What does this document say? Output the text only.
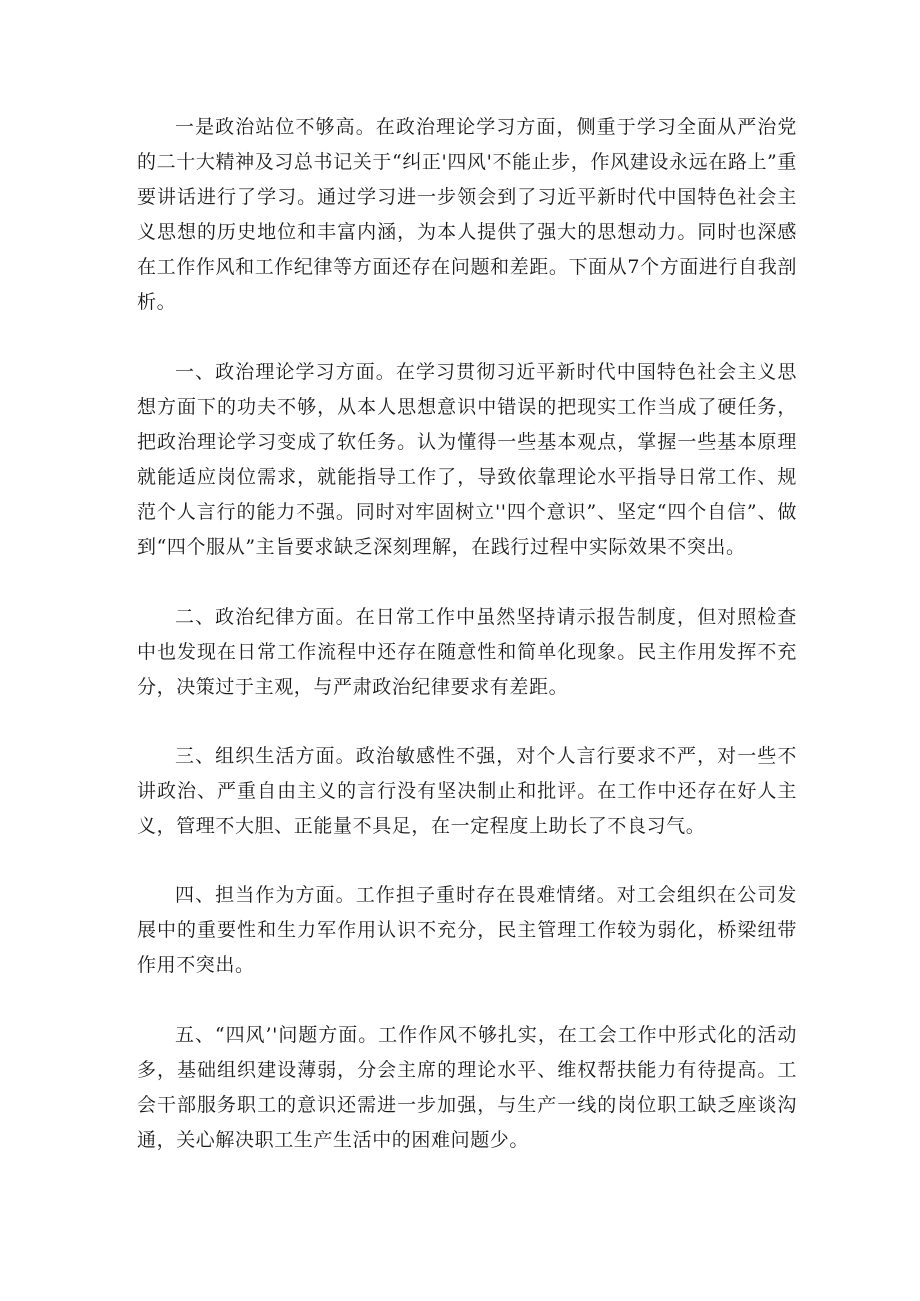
一是政治站位不够高。在政治理论学习方面，侧重于学习全面从严治党的二十大精神及习总书记关于“纠正'四风'不能止步，作风建设永远在路上”重要讲话进行了学习。通过学习进一步领会到了习近平新时代中国特色社会主义思想的历史地位和丰富内涵，为本人提供了强大的思想动力。同时也深感在工作作风和工作纪律等方面还存在问题和差距。下面从7个方面进行自我剖析。

一、政治理论学习方面。在学习贯彻习近平新时代中国特色社会主义思想方面下的功夫不够，从本人思想意识中错误的把现实工作当成了硬任务，把政治理论学习变成了软任务。认为懂得一些基本观点，掌握一些基本原理就能适应岗位需求，就能指导工作了，导致依靠理论水平指导日常工作、规范个人言行的能力不强。同时对牢固树立''四个意识”、坚定“四个自信”、做到“四个服从”主旨要求缺乏深刻理解，在践行过程中实际效果不突出。

二、政治纪律方面。在日常工作中虽然坚持请示报告制度，但对照检查中也发现在日常工作流程中还存在随意性和简单化现象。民主作用发挥不充分，决策过于主观，与严肃政治纪律要求有差距。

三、组织生活方面。政治敏感性不强，对个人言行要求不严，对一些不讲政治、严重自由主义的言行没有坚决制止和批评。在工作中还存在好人主义，管理不大胆、正能量不具足，在一定程度上助长了不良习气。

四、担当作为方面。工作担子重时存在畏难情绪。对工会组织在公司发展中的重要性和生力军作用认识不充分，民主管理工作较为弱化，桥梁纽带作用不突出。

五、“四风’'问题方面。工作作风不够扎实，在工会工作中形式化的活动多，基础组织建设薄弱，分会主席的理论水平、维权帮扶能力有待提高。工会干部服务职工的意识还需进一步加强，与生产一线的岗位职工缺乏座谈沟通，关心解决职工生产生活中的困难问题少。
